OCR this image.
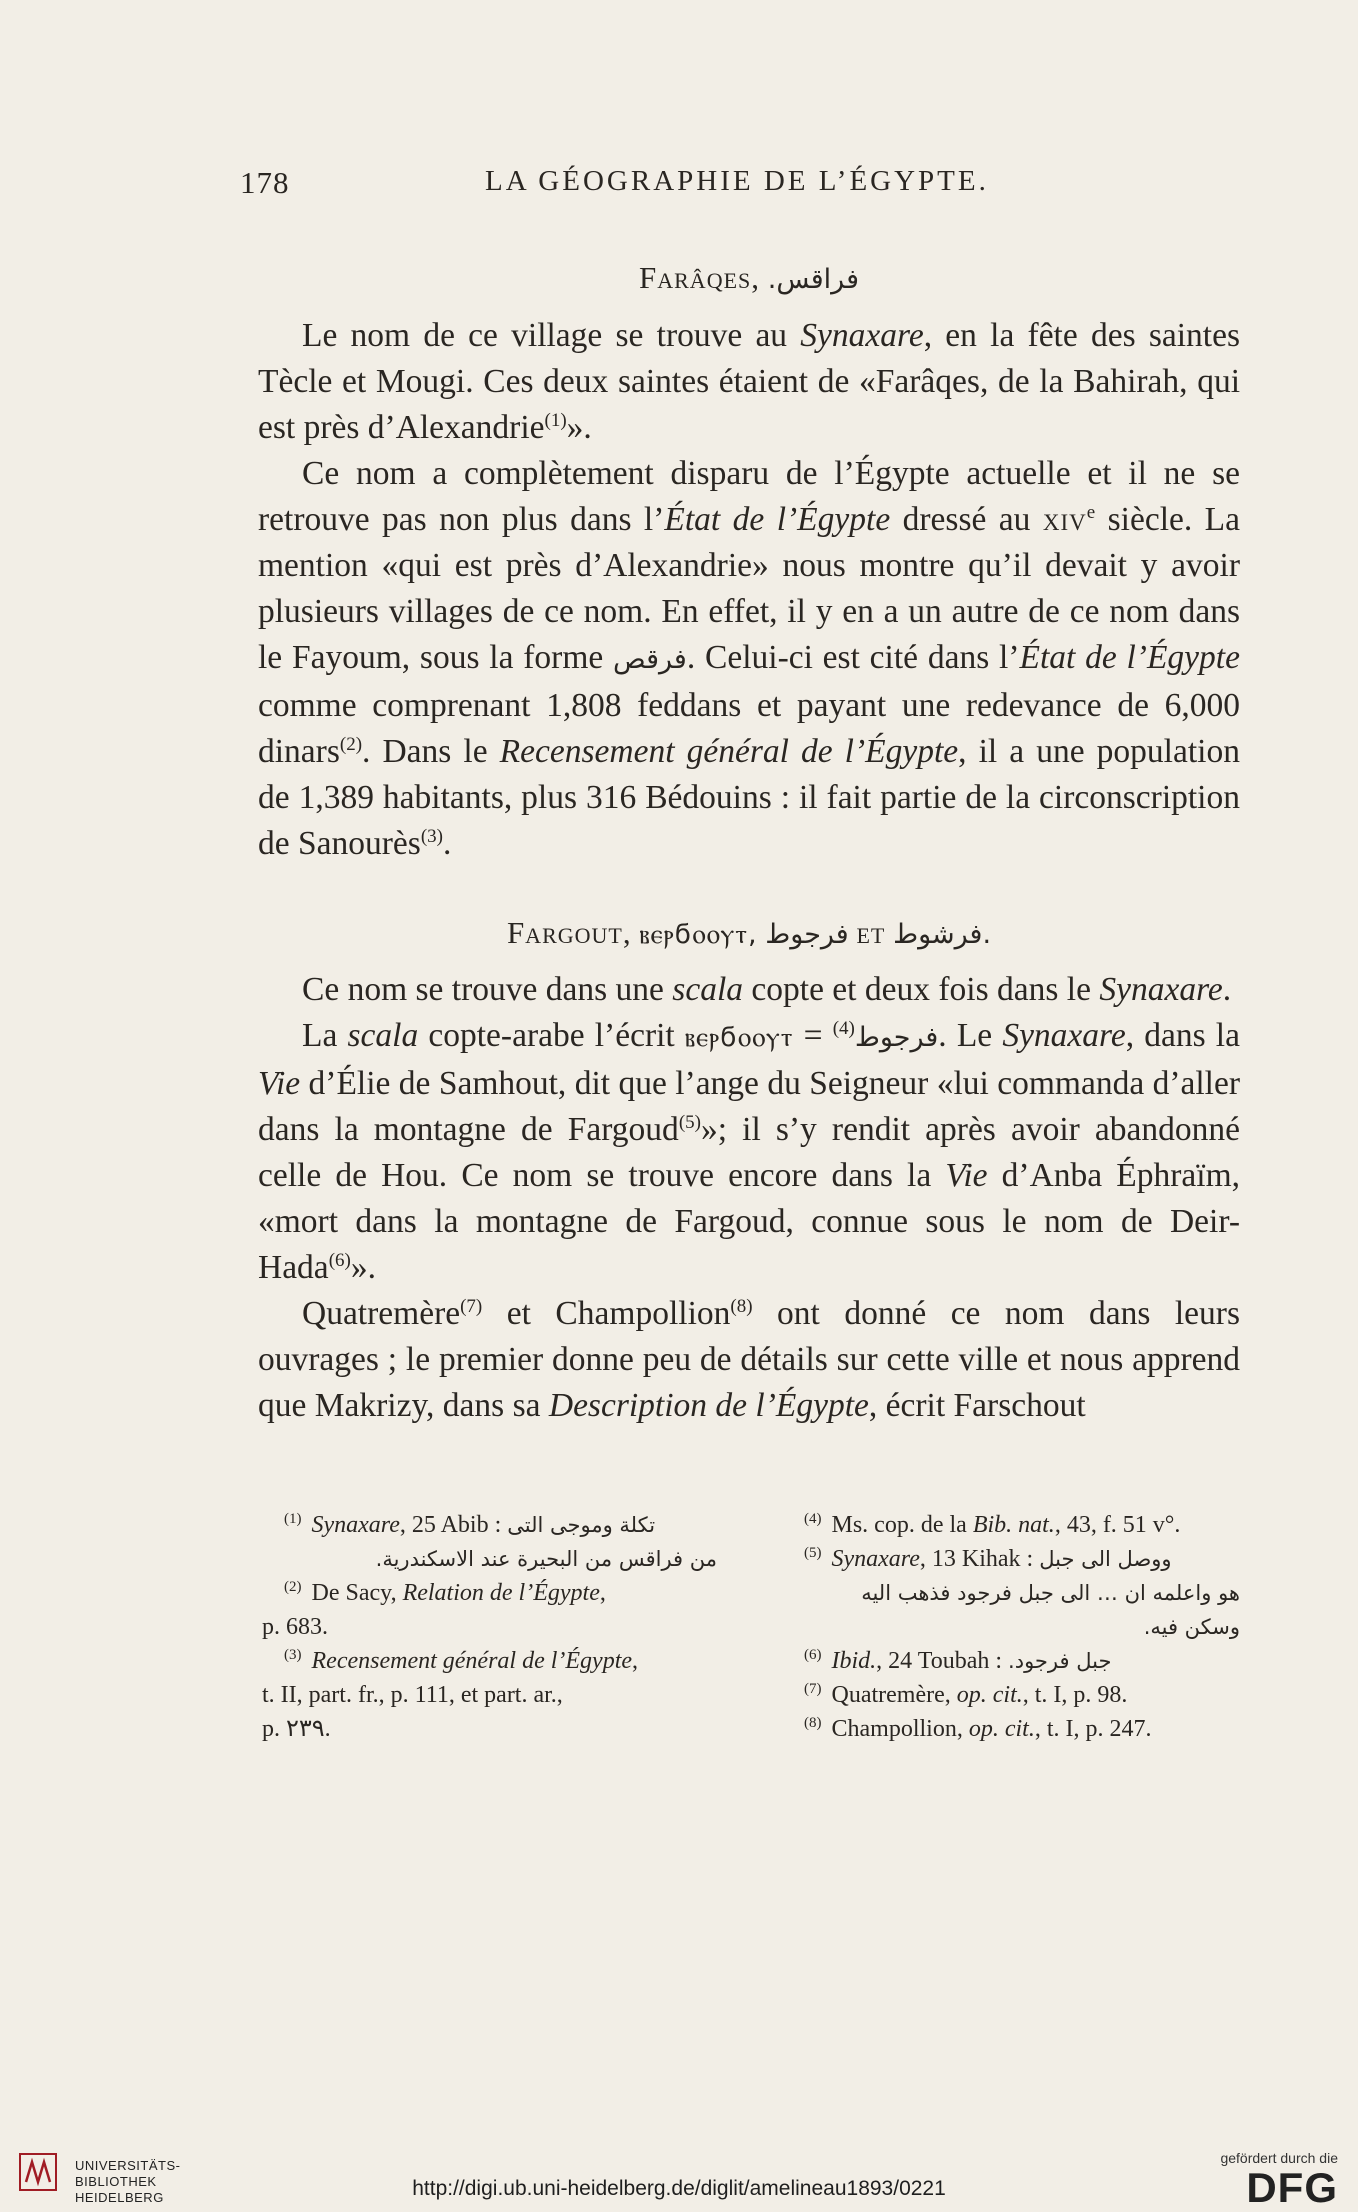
178	LA GÉOGRAPHIE DE L’ÉGYPTE.
Farâqes, فراقس.

Le nom de ce village se trouve au Synaxare, en la fête des saintes Tècle et Mougi. Ces deux saintes étaient de «Farâqes, de la Bahirah, qui est près d’Alexandrie$^{(1)}$».

Ce nom a complètement disparu de l’Égypte actuelle et il ne se retrouve pas non plus dans l’État de l’Égypte dressé au xiv$^e$ siècle. La mention «qui est près d’Alexandrie» nous montre qu’il devait y avoir plusieurs villages de ce nom. En effet, il y en a un autre de ce nom dans le Fayoum, sous la forme فرقص. Celui-ci est cité dans l’État de l’Égypte comme comprenant 1,808 feddans et payant une redevance de 6,000 dinars$^{(2)}$. Dans le Recensement général de l’Égypte, il a une population de 1,389 habitants, plus 316 Bédouins : il fait partie de la circonscription de Sanourès$^{(3)}$.

Fargout, ⲃⲉⲣϭⲟⲟⲩⲧ, فرجوط et فرشوط.

Ce nom se trouve dans une scala copte et deux fois dans le Synaxare.

La scala copte-arabe l’écrit ⲃⲉⲣϭⲟⲟⲩⲧ = فرجوط$^{(4)}$ . Le Synaxare, dans la Vie d’Élie de Samhout, dit que l’ange du Seigneur «lui commanda d’aller dans la montagne de Fargoud$^{(5)}$»; il s’y rendit après avoir abandonné celle de Hou. Ce nom se trouve encore dans la Vie d’Anba Éphraïm, «mort dans la montagne de Fargoud, connue sous le nom de Deir-Hada$^{(6)}$».

Quatremère$^{(7)}$ et Champollion$^{(8)}$ ont donné ce nom dans leurs ouvrages ; le premier donne peu de détails sur cette ville et nous apprend que Makrizy, dans sa Description de l’Égypte, écrit Farschout

$^{(1)}$ Synaxare, 25 Abib : تكلة وموجى التى

من فراقس من البحيرة عند الاسكندرية.

$^{(2)}$ De Sacy, Relation de l’Égypte,

p. 683.

$^{(3)}$ Recensement général de l’Égypte,

t. II, part. fr., p. 111, et part. ar.,

p. ٢٣٩.

$^{(4)}$ Ms. cop. de la Bib. nat., 43, f. 51 v°.

$^{(5)}$ Synaxare, 13 Kihak : ووصل الى جبل

هو واعلمه ان … الى جبل فرجود فذهب اليه

وسكن فيه.

$^{(6)}$ Ibid., 24 Toubah : جبل فرجود.

$^{(7)}$ Quatremère, op. cit., t. I, p. 98.

$^{(8)}$ Champollion, op. cit., t. I, p. 247.

UNIVERSITÄTS-
BIBLIOTHEK
HEIDELBERG	http://digi.ub.uni-heidelberg.de/diglit/amelineau1893/0221
gefördert durch die
DFG
